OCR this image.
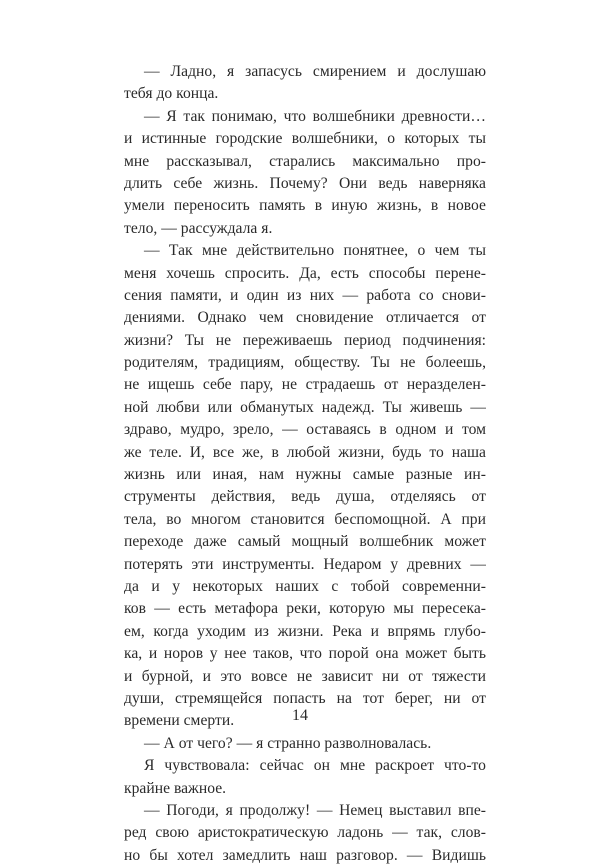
— Ладно, я запасусь смирением и дослушаю
тебя до конца.
— Я так понимаю, что волшебники древности…
и истинные городские волшебники, о которых ты
мне рассказывал, старались максимально про-
длить себе жизнь. Почему? Они ведь наверняка
умели переносить память в иную жизнь, в новое
тело, — рассуждала я.
— Так мне действительно понятнее, о чем ты
меня хочешь спросить. Да, есть способы перене-
сения памяти, и один из них — работа со снови-
дениями. Однако чем сновидение отличается от
жизни? Ты не переживаешь период подчинения:
родителям, традициям, обществу. Ты не болеешь,
не ищешь себе пару, не страдаешь от неразделен-
ной любви или обманутых надежд. Ты живешь —
здраво, мудро, зрело, — оставаясь в одном и том
же теле. И, все же, в любой жизни, будь то наша
жизнь или иная, нам нужны самые разные ин-
струменты действия, ведь душа, отделяясь от
тела, во многом становится беспомощной. А при
переходе даже самый мощный волшебник может
потерять эти инструменты. Недаром у древних —
да и у некоторых наших с тобой современни-
ков — есть метафора реки, которую мы пересека-
ем, когда уходим из жизни. Река и впрямь глубо-
ка, и норов у нее таков, что порой она может быть
и бурной, и это вовсе не зависит ни от тяжести
души, стремящейся попасть на тот берег, ни от
времени смерти.
— А от чего? — я странно разволновалась.
Я чувствовала: сейчас он мне раскроет что-то
крайне важное.
— Погоди, я продолжу! — Немец выставил впе-
ред свою аристократическую ладонь — так, слов-
но бы хотел замедлить наш разговор. — Видишь
14
